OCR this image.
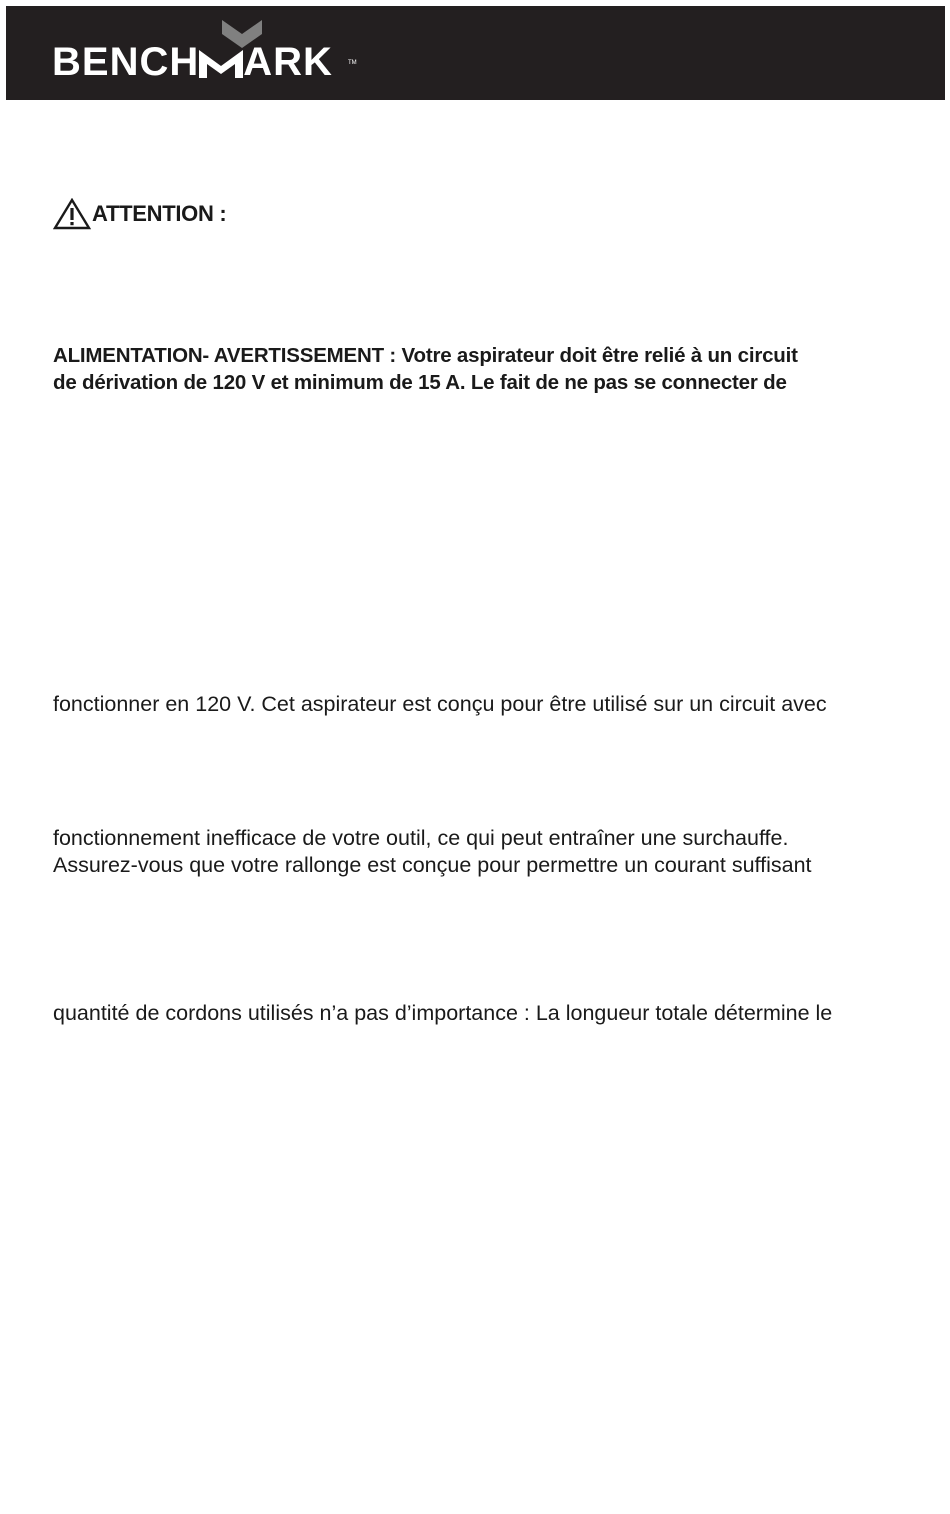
BENCH ARK	TM
ATTENTION :
ALIMENTATION- AVERTISSEMENT : Votre aspirateur doit être relié à un circuit
de dérivation de 120 V et minimum de 15 A. Le fait de ne pas se connecter de
fonctionner en 120 V. Cet aspirateur est conçu pour être utilisé sur un circuit avec
fonctionnement inefficace de votre outil, ce qui peut entraîner une surchauffe.
Assurez-vous que votre rallonge est conçue pour permettre un courant suffisant
quantité de cordons utilisés n’a pas d’importance : La longueur totale détermine le
